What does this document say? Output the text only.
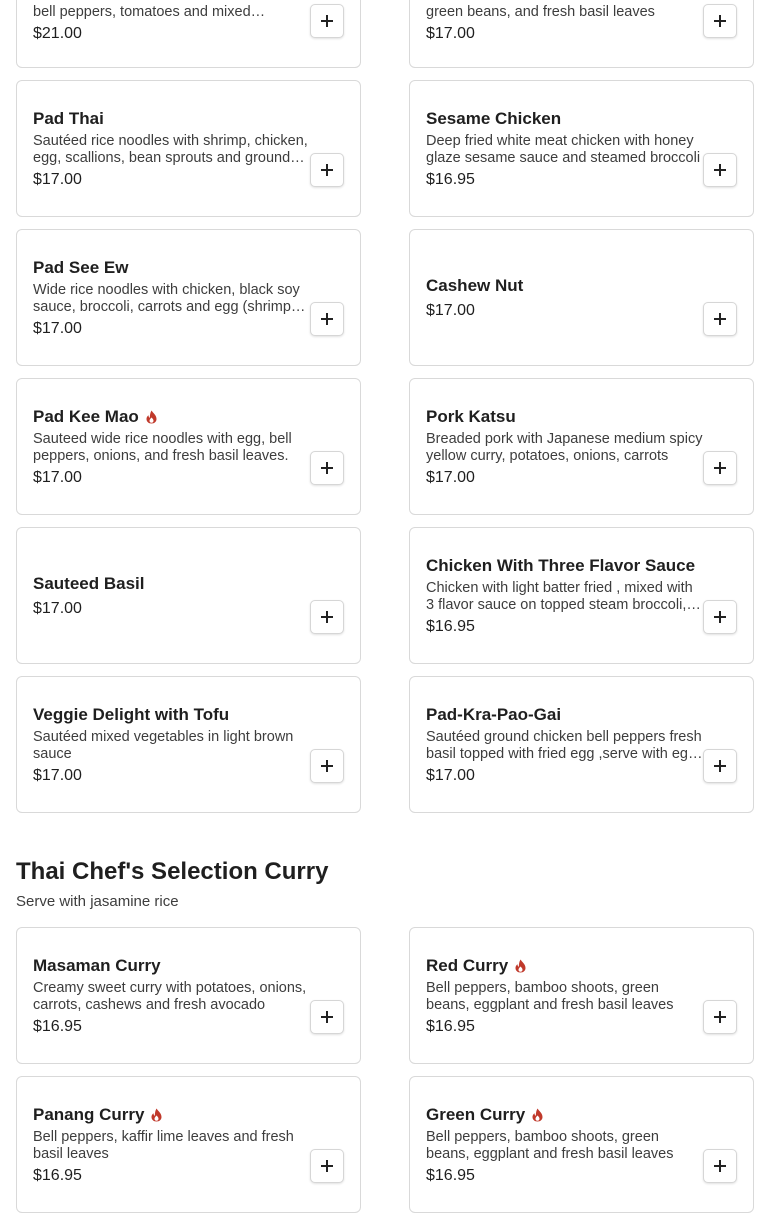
bell peppers, tomatoes and mixed…
$21.00
green beans, and fresh basil leaves
$17.00
Pad Thai
Sautéed rice noodles with shrimp, chicken, egg, scallions, bean sprouts and ground
$17.00
Sesame Chicken
Deep fried white meat chicken with honey glaze sesame sauce and steamed broccoli
$16.95
Pad See Ew
Wide rice noodles with chicken, black soy sauce, broccoli, carrots and egg (shrimp
$17.00
Cashew Nut
$17.00
Pad Kee Mao
Sauteed wide rice noodles with egg, bell peppers, onions, and fresh basil leaves.
$17.00
Pork Katsu
Breaded pork with Japanese medium spicy yellow curry, potatoes, onions, carrots
$17.00
Sauteed Basil
$17.00
Chicken With Three Flavor Sauce
Chicken with light batter fried , mixed with 3 flavor sauce on topped steam broccoli,
$16.95
Veggie Delight with Tofu
Sautéed mixed vegetables in light brown sauce
$17.00
Pad-Kra-Pao-Gai
Sautéed ground chicken bell peppers fresh basil topped with fried egg ,serve with egg
$17.00
Thai Chef's Selection Curry
Serve with jasamine rice
Masaman Curry
Creamy sweet curry with potatoes, onions, carrots, cashews and fresh avocado
$16.95
Red Curry
Bell peppers, bamboo shoots, green beans, eggplant and fresh basil leaves
$16.95
Panang Curry
Bell peppers, kaffir lime leaves and fresh basil leaves
$16.95
Green Curry
Bell peppers, bamboo shoots, green beans, eggplant and fresh basil leaves
$16.95
